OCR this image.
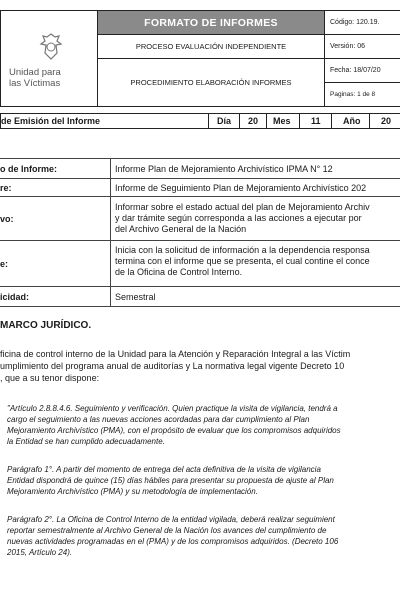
Unidad para
las Víctimas
FORMATO DE INFORMES
PROCESO EVALUACIÓN INDEPENDIENTE
PROCEDIMIENTO ELABORACIÓN INFORMES
Código: 120.19.
Versión: 06
Fecha: 18/07/20
Paginas: 1 de 8
de Emisión del Informe	Día 20 Mes 11 Año 20
o de Informe:	Informe Plan de Mejoramiento Archivístico IPMA N° 12
re:	Informe de Seguimiento Plan de Mejoramiento Archivístico 202
vo:
Informar sobre el estado actual del plan de Mejoramiento Archiv
y dar trámite según corresponda a las acciones a ejecutar por
del Archivo General de la Nación
e:
Inicia con la solicitud de información a la dependencia responsa
termina con el informe que se presenta, el cual contine el conce
de la Oficina de Control Interno.
icidad:	Semestral
MARCO JURÍDICO.
ficina de control interno de la Unidad para la Atención y Reparación Integral a las Víctim
umplimiento del programa anual de auditorías y La normativa legal vigente Decreto 10
, que a su tenor dispone:
"Artículo 2.8.8.4.6. Seguimiento y verificación. Quien practique la visita de vigilancia, tendrá a
cargo el seguimiento a las nuevas acciones acordadas para dar cumplimiento al Plan
Mejoramiento Archivístico (PMA), con el propósito de evaluar que los compromisos adquiridos
la Entidad se han cumplido adecuadamente.
Parágrafo 1°. A partir del momento de entrega del acta definitiva de la visita de vigilancia
Entidad dispondrá de quince (15) días hábiles para presentar su propuesta de ajuste al Plan
Mejoramiento Archivístico (PMA) y su metodología de implementación.
Parágrafo 2°. La Oficina de Control Interno de la entidad vigilada, deberá realizar seguimient
reportar semestralmente al Archivo General de la Nación los avances del cumplimiento de
nuevas actividades programadas en el (PMA) y de los compromisos adquiridos. (Decreto 106
2015, Artículo 24).
